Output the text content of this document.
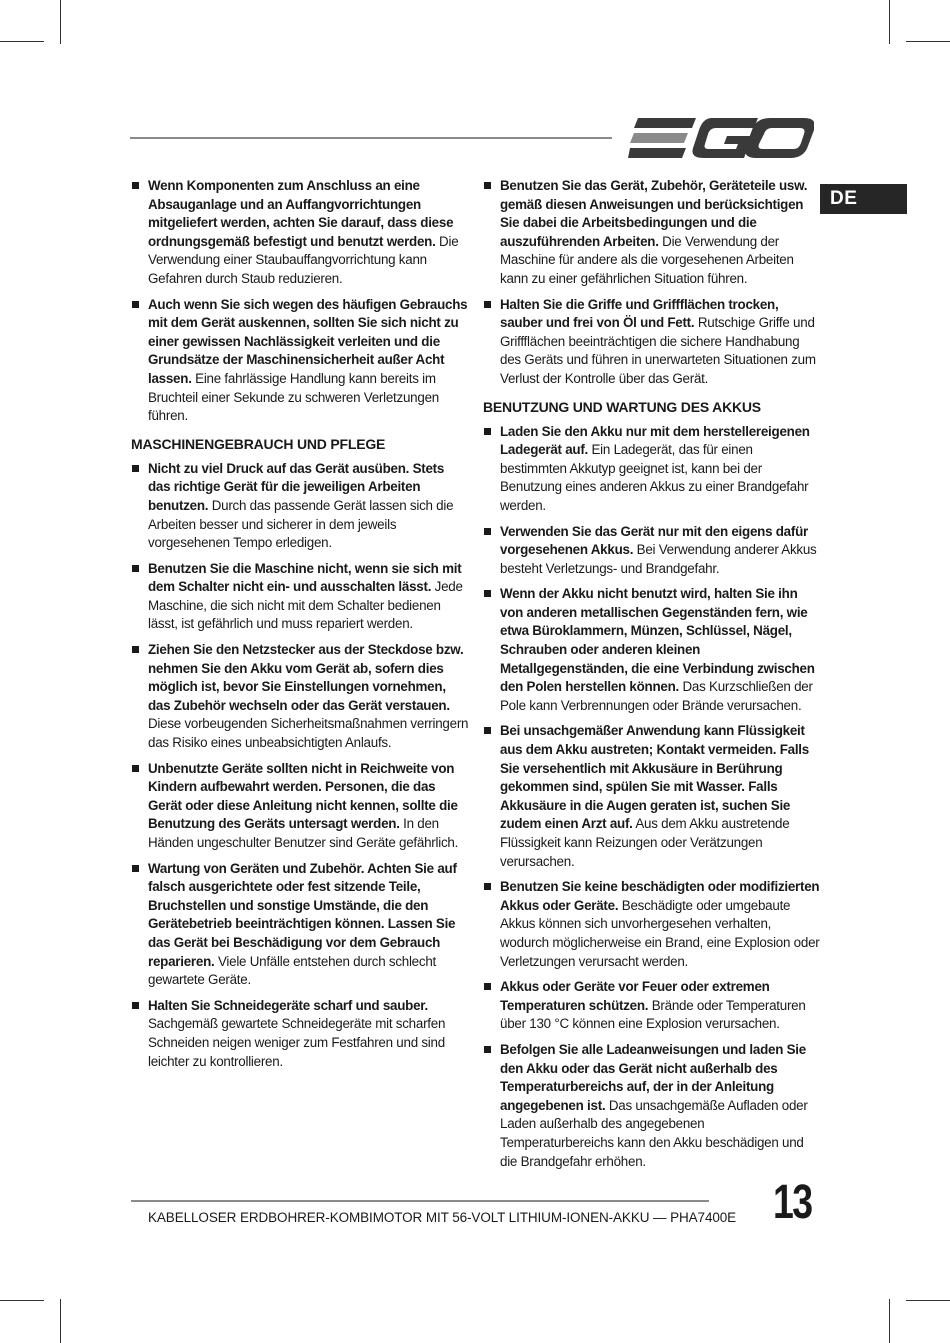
EGO
DE
Wenn Komponenten zum Anschluss an eine Absauganlage und an Auffangvorrichtungen mitgeliefert werden, achten Sie darauf, dass diese ordnungsgemäß befestigt und benutzt werden. Die Verwendung einer Staubauffangvorrichtung kann Gefahren durch Staub reduzieren.
Auch wenn Sie sich wegen des häufigen Gebrauchs mit dem Gerät auskennen, sollten Sie sich nicht zu einer gewissen Nachlässigkeit verleiten und die Grundsätze der Maschinensicherheit außer Acht lassen. Eine fahrlässige Handlung kann bereits im Bruchteil einer Sekunde zu schweren Verletzungen führen.
MASCHINENGEBRAUCH UND PFLEGE
Nicht zu viel Druck auf das Gerät ausüben. Stets das richtige Gerät für die jeweiligen Arbeiten benutzen. Durch das passende Gerät lassen sich die Arbeiten besser und sicherer in dem jeweils vorgesehenen Tempo erledigen.
Benutzen Sie die Maschine nicht, wenn sie sich mit dem Schalter nicht ein- und ausschalten lässt. Jede Maschine, die sich nicht mit dem Schalter bedienen lässt, ist gefährlich und muss repariert werden.
Ziehen Sie den Netzstecker aus der Steckdose bzw. nehmen Sie den Akku vom Gerät ab, sofern dies möglich ist, bevor Sie Einstellungen vornehmen, das Zubehör wechseln oder das Gerät verstauen. Diese vorbeugenden Sicherheitsmaßnahmen verringern das Risiko eines unbeabsichtigten Anlaufs.
Unbenutzte Geräte sollten nicht in Reichweite von Kindern aufbewahrt werden. Personen, die das Gerät oder diese Anleitung nicht kennen, sollte die Benutzung des Geräts untersagt werden. In den Händen ungeschulter Benutzer sind Geräte gefährlich.
Wartung von Geräten und Zubehör. Achten Sie auf falsch ausgerichtete oder fest sitzende Teile, Bruchstellen und sonstige Umstände, die den Gerätebetrieb beeinträchtigen können. Lassen Sie das Gerät bei Beschädigung vor dem Gebrauch reparieren. Viele Unfälle entstehen durch schlecht gewartete Geräte.
Halten Sie Schneidegeräte scharf und sauber. Sachgemäß gewartete Schneidegeräte mit scharfen Schneiden neigen weniger zum Festfahren und sind leichter zu kontrollieren.
Benutzen Sie das Gerät, Zubehör, Geräteteile usw. gemäß diesen Anweisungen und berücksichtigen Sie dabei die Arbeitsbedingungen und die auszuführenden Arbeiten. Die Verwendung der Maschine für andere als die vorgesehenen Arbeiten kann zu einer gefährlichen Situation führen.
Halten Sie die Griffe und Griffflächen trocken, sauber und frei von Öl und Fett. Rutschige Griffe und Griffflächen beeinträchtigen die sichere Handhabung des Geräts und führen in unerwarteten Situationen zum Verlust der Kontrolle über das Gerät.
BENUTZUNG UND WARTUNG DES AKKUS
Laden Sie den Akku nur mit dem herstellereigenen Ladegerät auf. Ein Ladegerät, das für einen bestimmten Akkutyp geeignet ist, kann bei der Benutzung eines anderen Akkus zu einer Brandgefahr werden.
Verwenden Sie das Gerät nur mit den eigens dafür vorgesehenen Akkus. Bei Verwendung anderer Akkus besteht Verletzungs- und Brandgefahr.
Wenn der Akku nicht benutzt wird, halten Sie ihn von anderen metallischen Gegenständen fern, wie etwa Büroklammern, Münzen, Schlüssel, Nägel, Schrauben oder anderen kleinen Metallgegenständen, die eine Verbindung zwischen den Polen herstellen können. Das Kurzschließen der Pole kann Verbrennungen oder Brände verursachen.
Bei unsachgemäßer Anwendung kann Flüssigkeit aus dem Akku austreten; Kontakt vermeiden. Falls Sie versehentlich mit Akkusäure in Berührung gekommen sind, spülen Sie mit Wasser. Falls Akkusäure in die Augen geraten ist, suchen Sie zudem einen Arzt auf. Aus dem Akku austretende Flüssigkeit kann Reizungen oder Verätzungen verursachen.
Benutzen Sie keine beschädigten oder modifizierten Akkus oder Geräte. Beschädigte oder umgebaute Akkus können sich unvorhergesehen verhalten, wodurch möglicherweise ein Brand, eine Explosion oder Verletzungen verursacht werden.
Akkus oder Geräte vor Feuer oder extremen Temperaturen schützen. Brände oder Temperaturen über 130 °C können eine Explosion verursachen.
Befolgen Sie alle Ladeanweisungen und laden Sie den Akku oder das Gerät nicht außerhalb des Temperaturbereichs auf, der in der Anleitung angegebenen ist. Das unsachgemäße Aufladen oder Laden außerhalb des angegebenen Temperaturbereichs kann den Akku beschädigen und die Brandgefahr erhöhen.
KABELLOSER ERDBOHRER-KOMBIMOTOR MIT 56-VOLT LITHIUM-IONEN-AKKU — PHA7400E 13
